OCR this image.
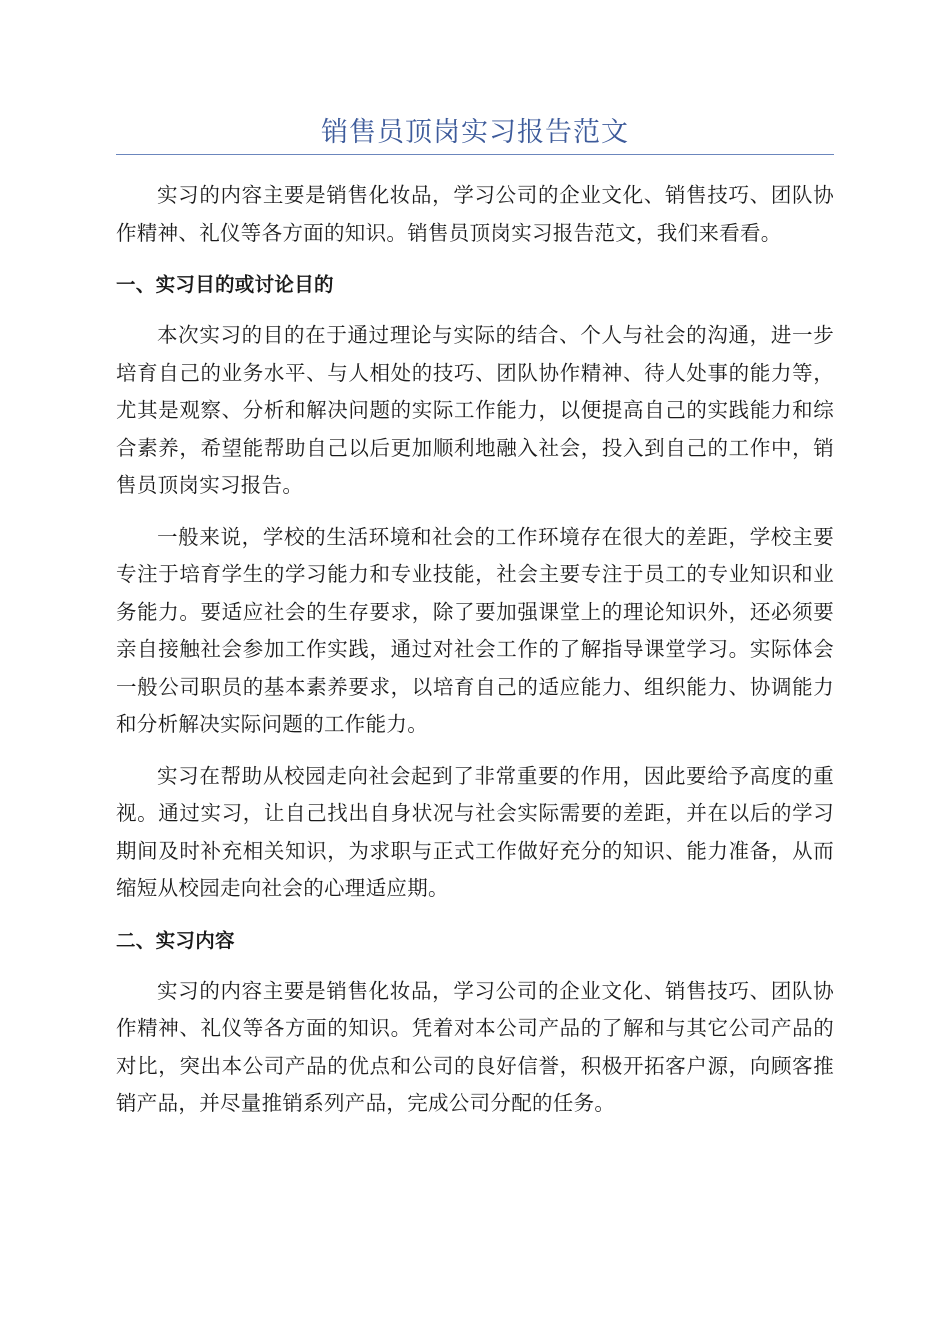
销售员顶岗实习报告范文

实习的内容主要是销售化妆品，学习公司的企业文化、销售技巧、团队协作精神、礼仪等各方面的知识。销售员顶岗实习报告范文，我们来看看。

一、实习目的或讨论目的

本次实习的目的在于通过理论与实际的结合、个人与社会的沟通，进一步培育自己的业务水平、与人相处的技巧、团队协作精神、待人处事的能力等，尤其是观察、分析和解决问题的实际工作能力，以便提高自己的实践能力和综合素养，希望能帮助自己以后更加顺利地融入社会，投入到自己的工作中，销售员顶岗实习报告。

一般来说，学校的生活环境和社会的工作环境存在很大的差距，学校主要专注于培育学生的学习能力和专业技能，社会主要专注于员工的专业知识和业务能力。要适应社会的生存要求，除了要加强课堂上的理论知识外，还必须要亲自接触社会参加工作实践，通过对社会工作的了解指导课堂学习。实际体会一般公司职员的基本素养要求，以培育自己的适应能力、组织能力、协调能力和分析解决实际问题的工作能力。

实习在帮助从校园走向社会起到了非常重要的作用，因此要给予高度的重视。通过实习，让自己找出自身状况与社会实际需要的差距，并在以后的学习期间及时补充相关知识，为求职与正式工作做好充分的知识、能力准备，从而缩短从校园走向社会的心理适应期。

二、实习内容

实习的内容主要是销售化妆品，学习公司的企业文化、销售技巧、团队协作精神、礼仪等各方面的知识。凭着对本公司产品的了解和与其它公司产品的对比，突出本公司产品的优点和公司的良好信誉，积极开拓客户源，向顾客推销产品，并尽量推销系列产品，完成公司分配的任务。
